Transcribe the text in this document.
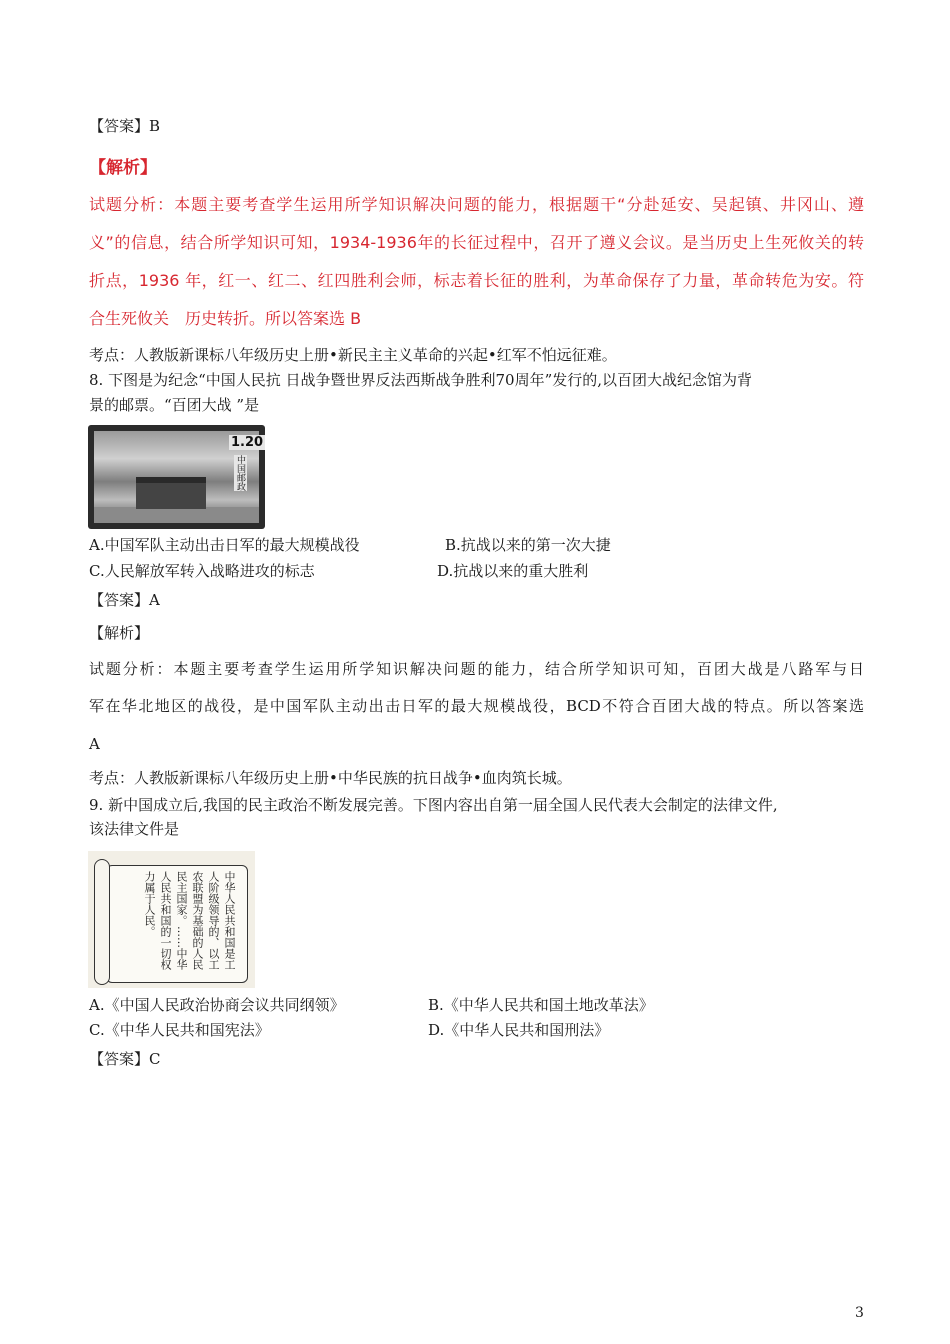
【答案】B
【解析】
试题分析：本题主要考查学生运用所学知识解决问题的能力，根据题干“分赴延安、吴起镇、井冈山、遵
义”的信息，结合所学知识可知，1934-1936年的长征过程中，召开了遵义会议。是当历史上生死攸关的转
折点，1936 年，红一、红二、红四胜利会师，标志着长征的胜利，为革命保存了力量，革命转危为安。符
合生死攸关　历史转折。所以答案选 B
考点：人教版新课标八年级历史上册•新民主主义革命的兴起•红军不怕远征难。
8. 下图是为纪念“中国人民抗 日战争暨世界反法西斯战争胜利70周年”发行的,以百团大战纪念馆为背
景的邮票。“百团大战 ”是
1.20
中国邮政
A.中国军队主动出击日军的最大规模战役	B.抗战以来的第一次大捷
C.人民解放军转入战略进攻的标志	D.抗战以来的重大胜利
【答案】A
【解析】
试题分析：本题主要考查学生运用所学知识解决问题的能力，结合所学知识可知，百团大战是八路军与日
军在华北地区的战役，是中国军队主动出击日军的最大规模战役，BCD不符合百团大战的特点。所以答案选
A
考点：人教版新课标八年级历史上册•中华民族的抗日战争•血肉筑长城。
9. 新中国成立后,我国的民主政治不断发展完善。下图内容出自第一届全国人民代表大会制定的法律文件,
该法律文件是
中华人民共和国是工人阶级领导的、以工农联盟为基础的人民民主国家。……中华人民共和国的一切权力属于人民。
A.《中国人民政治协商会议共同纲领》	B.《中华人民共和国土地改革法》
C.《中华人民共和国宪法》	D.《中华人民共和国刑法》
【答案】C
3
